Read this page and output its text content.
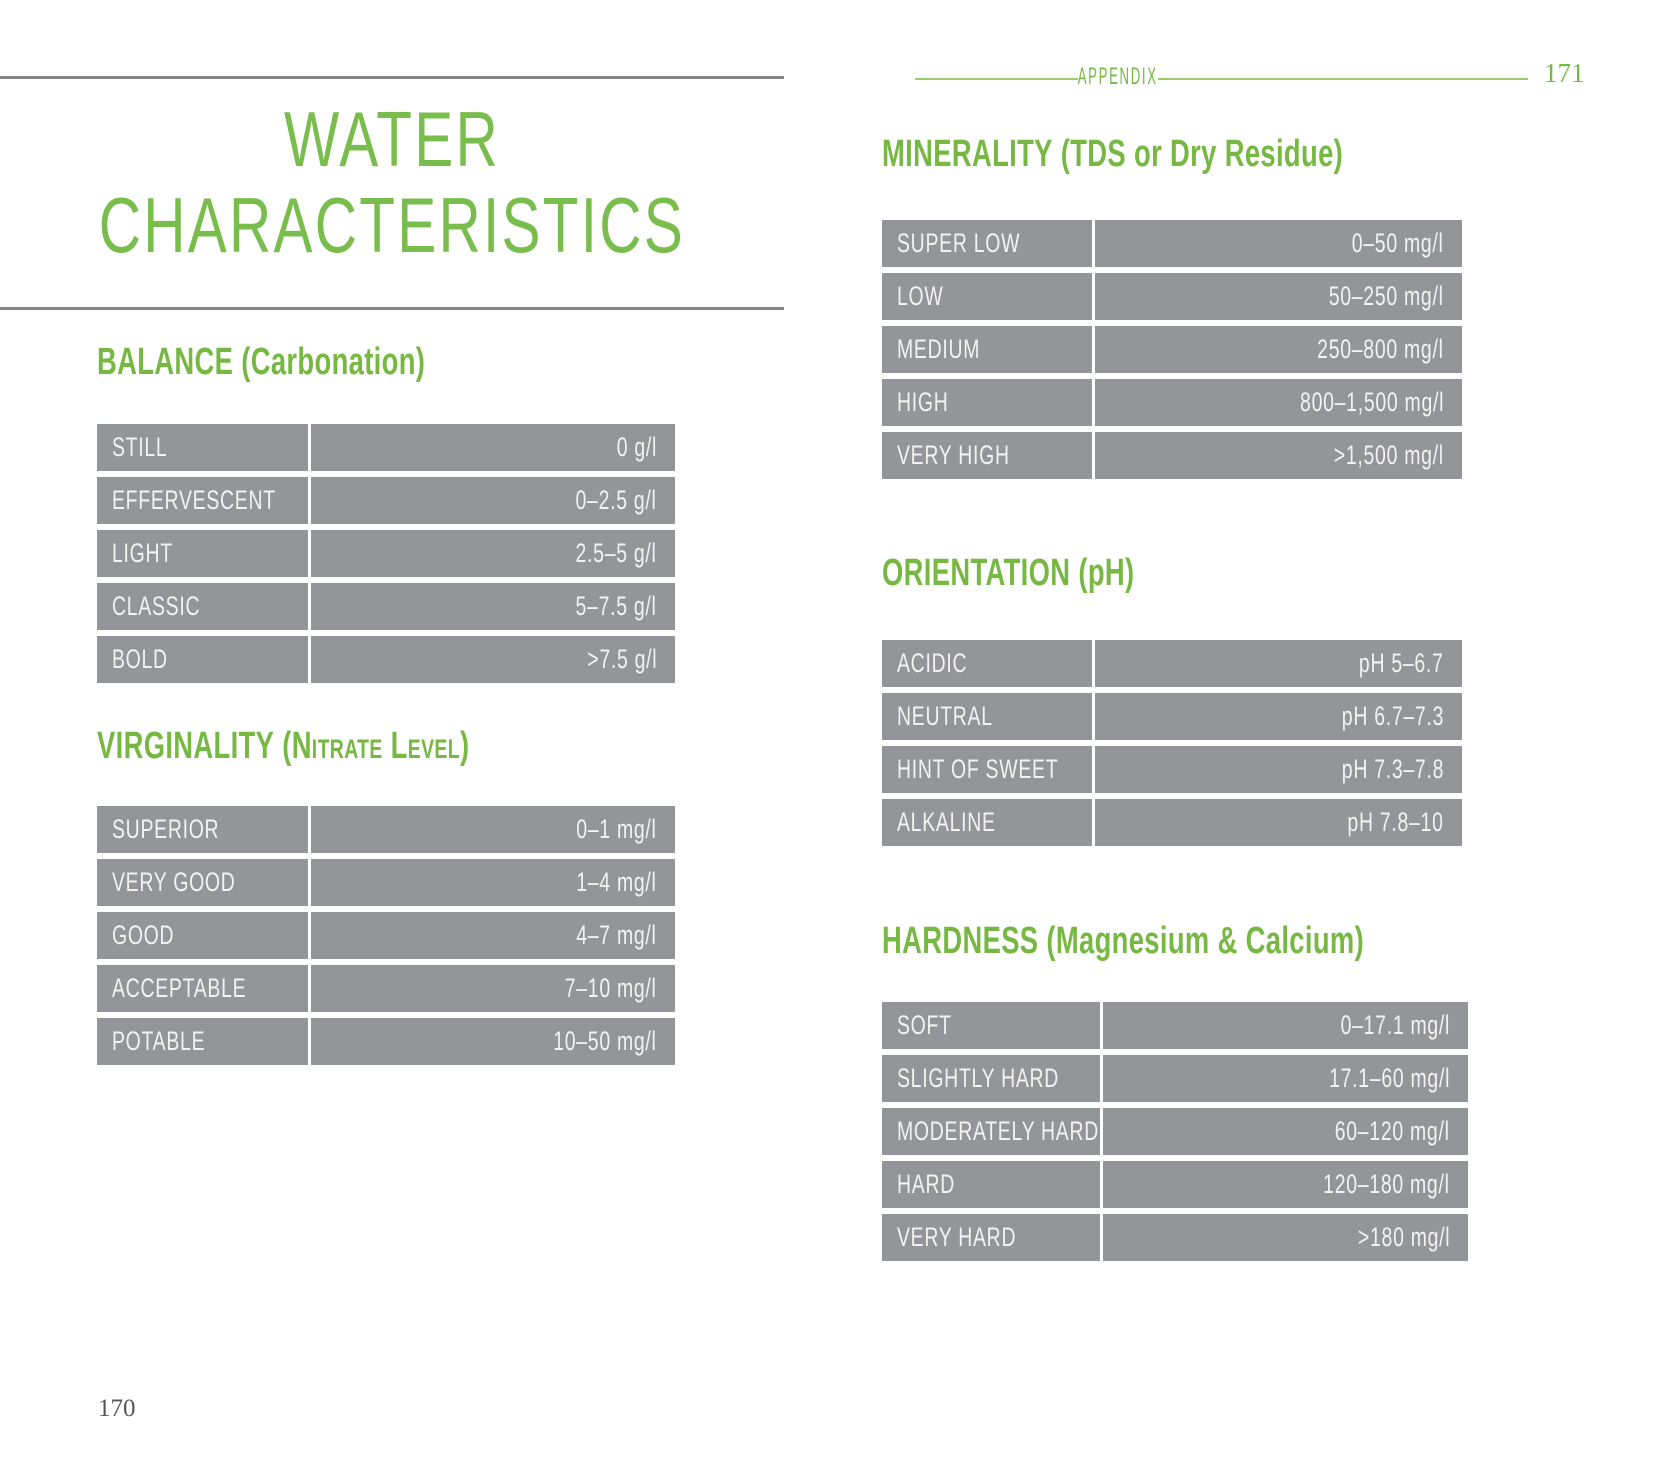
WATER
CHARACTERISTICS
BALANCE (Carbonation)
STILL	0 g/l
EFFERVESCENT	0–2.5 g/l
LIGHT	2.5–5 g/l
CLASSIC	5–7.5 g/l
BOLD	>7.5 g/l
VIRGINALITY (Nitrate Level)
SUPERIOR	0–1 mg/l
VERY GOOD	1–4 mg/l
GOOD	4–7 mg/l
ACCEPTABLE	7–10 mg/l
POTABLE	10–50 mg/l
170
APPENDIX	171
MINERALITY (TDS or Dry Residue)
SUPER LOW	0–50 mg/l
LOW	50–250 mg/l
MEDIUM	250–800 mg/l
HIGH	800–1,500 mg/l
VERY HIGH	>1,500 mg/l
ORIENTATION (pH)
ACIDIC	pH 5–6.7
NEUTRAL	pH 6.7–7.3
HINT OF SWEET	pH 7.3–7.8
ALKALINE	pH 7.8–10
HARDNESS (Magnesium & Calcium)
SOFT	0–17.1 mg/l
SLIGHTLY HARD	17.1–60 mg/l
MODERATELY HARD	60–120 mg/l
HARD	120–180 mg/l
VERY HARD	>180 mg/l
